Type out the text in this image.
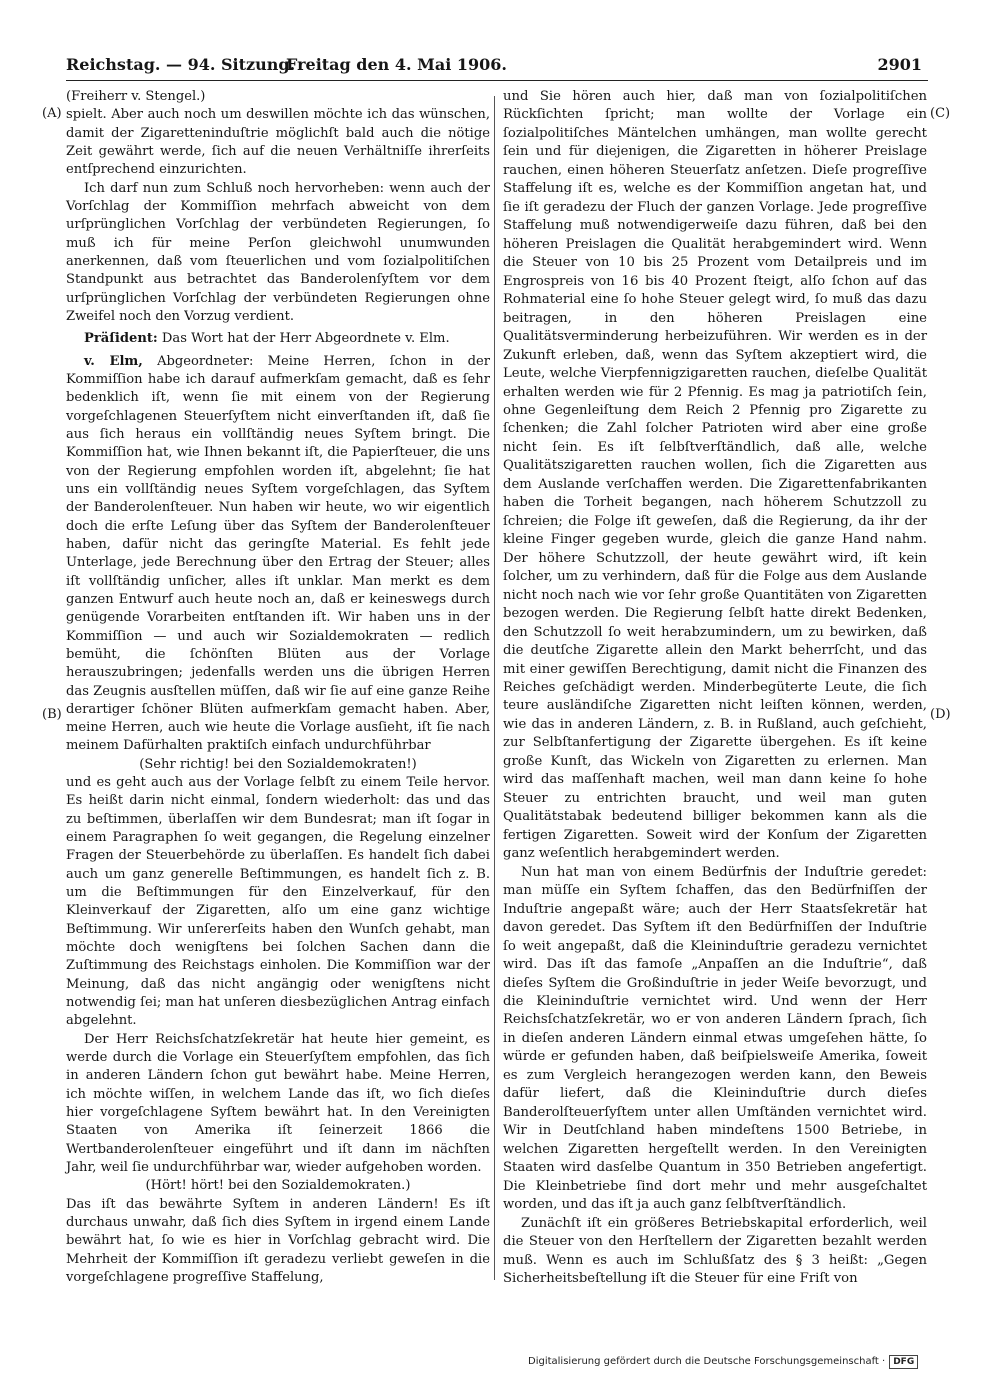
Reichstag. — 94. Sitzung.
Freitag den 4. Mai 1906.	2901
(A)	(C)
(B)	(D)

(Freiherr v. Stengel.)

spielt. Aber auch noch um deswillen möchte ich das wünschen, damit der Zigaretteninduſtrie möglichſt bald auch die nötige Zeit gewährt werde, ſich auf die neuen Verhältniſſe ihrerſeits entſprechend einzurichten.

Ich darf nun zum Schluß noch hervorheben: wenn auch der Vorſchlag der Kommiſſion mehrfach abweicht von dem urſprünglichen Vorſchlag der verbündeten Regierungen, ſo muß ich für meine Perſon gleichwohl unumwunden anerkennen, daß vom ſteuerlichen und vom ſozialpolitiſchen Standpunkt aus betrachtet das Banderolenſyſtem vor dem urſprünglichen Vorſchlag der verbündeten Regierungen ohne Zweifel noch den Vorzug verdient.

Präſident: Das Wort hat der Herr Abgeordnete v. Elm.

v. Elm, Abgeordneter: Meine Herren, ſchon in der Kommiſſion habe ich darauf aufmerkſam gemacht, daß es ſehr bedenklich iſt, wenn ſie mit einem von der Regierung vorgeſchlagenen Steuerſyſtem nicht einverſtanden iſt, daß ſie aus ſich heraus ein vollſtändig neues Syſtem bringt. Die Kommiſſion hat, wie Ihnen bekannt iſt, die Papierſteuer, die uns von der Regierung empfohlen worden iſt, abgelehnt; ſie hat uns ein vollſtändig neues Syſtem vorgeſchlagen, das Syſtem der Banderolenſteuer. Nun haben wir heute, wo wir eigentlich doch die erſte Leſung über das Syſtem der Banderolenſteuer haben, dafür nicht das geringſte Material. Es fehlt jede Unterlage, jede Berechnung über den Ertrag der Steuer; alles iſt vollſtändig unſicher, alles iſt unklar. Man merkt es dem ganzen Entwurf auch heute noch an, daß er keineswegs durch genügende Vorarbeiten entſtanden iſt. Wir haben uns in der Kommiſſion — und auch wir Sozialdemokraten — redlich bemüht, die ſchönſten Blüten aus der Vorlage herauszubringen; jedenfalls werden uns die übrigen Herren das Zeugnis ausſtellen müſſen, daß wir ſie auf eine ganze Reihe derartiger ſchöner Blüten aufmerkſam gemacht haben. Aber, meine Herren, auch wie heute die Vorlage ausſieht, iſt ſie nach meinem Dafürhalten praktiſch einfach undurchführbar

(Sehr richtig! bei den Sozialdemokraten!)

und es geht auch aus der Vorlage ſelbſt zu einem Teile hervor. Es heißt darin nicht einmal, ſondern wiederholt: das und das zu beſtimmen, überlaſſen wir dem Bundesrat; man iſt ſogar in einem Paragraphen ſo weit gegangen, die Regelung einzelner Fragen der Steuerbehörde zu überlaſſen. Es handelt ſich dabei auch um ganz generelle Beſtimmungen, es handelt ſich z. B. um die Beſtimmungen für den Einzelverkauf, für den Kleinverkauf der Zigaretten, alſo um eine ganz wichtige Beſtimmung. Wir unſererſeits haben den Wunſch gehabt, man möchte doch wenigſtens bei ſolchen Sachen dann die Zuſtimmung des Reichstags einholen. Die Kommiſſion war der Meinung, daß das nicht angängig oder wenigſtens nicht notwendig ſei; man hat unſeren diesbezüglichen Antrag einfach abgelehnt.

Der Herr Reichsſchatzſekretär hat heute hier gemeint, es werde durch die Vorlage ein Steuerſyſtem empfohlen, das ſich in anderen Ländern ſchon gut bewährt habe. Meine Herren, ich möchte wiſſen, in welchem Lande das iſt, wo ſich dieſes hier vorgeſchlagene Syſtem bewährt hat. In den Vereinigten Staaten von Amerika iſt ſeinerzeit 1866 die Wertbanderolenſteuer eingeführt und iſt dann im nächſten Jahr, weil ſie undurchführbar war, wieder aufgehoben worden.

(Hört! hört! bei den Sozialdemokraten.)

Das iſt das bewährte Syſtem in anderen Ländern! Es iſt durchaus unwahr, daß ſich dies Syſtem in irgend einem Lande bewährt hat, ſo wie es hier in Vorſchlag gebracht wird. Die Mehrheit der Kommiſſion iſt geradezu verliebt geweſen in die vorgeſchlagene progreſſive Staffelung,

und Sie hören auch hier, daß man von ſozialpolitiſchen Rückſichten ſpricht; man wollte der Vorlage ein ſozialpolitiſches Mäntelchen umhängen, man wollte gerecht ſein und für diejenigen, die Zigaretten in höherer Preislage rauchen, einen höheren Steuerſatz anſetzen. Dieſe progreſſive Staffelung iſt es, welche es der Kommiſſion angetan hat, und ſie iſt geradezu der Fluch der ganzen Vorlage. Jede progreſſive Staffelung muß notwendigerweiſe dazu führen, daß bei den höheren Preislagen die Qualität herabgemindert wird. Wenn die Steuer von 10 bis 25 Prozent vom Detailpreis und im Engrospreis von 16 bis 40 Prozent ſteigt, alſo ſchon auf das Rohmaterial eine ſo hohe Steuer gelegt wird, ſo muß das dazu beitragen, in den höheren Preislagen eine Qualitätsverminderung herbeizuführen. Wir werden es in der Zukunft erleben, daß, wenn das Syſtem akzeptiert wird, die Leute, welche Vierpfennigzigaretten rauchen, dieſelbe Qualität erhalten werden wie für 2 Pfennig. Es mag ja patriotiſch ſein, ohne Gegenleiſtung dem Reich 2 Pfennig pro Zigarette zu ſchenken; die Zahl ſolcher Patrioten wird aber eine große nicht ſein. Es iſt ſelbſtverſtändlich, daß alle, welche Qualitätszigaretten rauchen wollen, ſich die Zigaretten aus dem Auslande verſchaffen werden. Die Zigarettenfabrikanten haben die Torheit begangen, nach höherem Schutzzoll zu ſchreien; die Folge iſt geweſen, daß die Regierung, da ihr der kleine Finger gegeben wurde, gleich die ganze Hand nahm. Der höhere Schutzzoll, der heute gewährt wird, iſt kein ſolcher, um zu verhindern, daß für die Folge aus dem Auslande nicht noch nach wie vor ſehr große Quantitäten von Zigaretten bezogen werden. Die Regierung ſelbſt hatte direkt Bedenken, den Schutzzoll ſo weit herabzumindern, um zu bewirken, daß die deutſche Zigarette allein den Markt beherrſcht, und das mit einer gewiſſen Berechtigung, damit nicht die Finanzen des Reiches geſchädigt werden. Minderbegüterte Leute, die ſich teure ausländiſche Zigaretten nicht leiſten können, werden, wie das in anderen Ländern, z. B. in Rußland, auch geſchieht, zur Selbſtanfertigung der Zigarette übergehen. Es iſt keine große Kunſt, das Wickeln von Zigaretten zu erlernen. Man wird das maſſenhaft machen, weil man dann keine ſo hohe Steuer zu entrichten braucht, und weil man guten Qualitätstabak bedeutend billiger bekommen kann als die fertigen Zigaretten. Soweit wird der Konſum der Zigaretten ganz weſentlich herabgemindert werden.

Nun hat man von einem Bedürfnis der Induſtrie geredet: man müſſe ein Syſtem ſchaffen, das den Bedürfniſſen der Induſtrie angepaßt wäre; auch der Herr Staatsſekretär hat davon geredet. Das Syſtem iſt den Bedürfniſſen der Induſtrie ſo weit angepaßt, daß die Kleininduſtrie geradezu vernichtet wird. Das iſt das famoſe „Anpaſſen an die Induſtrie“, daß dieſes Syſtem die Großinduſtrie in jeder Weiſe bevorzugt, und die Kleininduſtrie vernichtet wird. Und wenn der Herr Reichsſchatzſekretär, wo er von anderen Ländern ſprach, ſich in dieſen anderen Ländern einmal etwas umgeſehen hätte, ſo würde er gefunden haben, daß beiſpielsweiſe Amerika, ſoweit es zum Vergleich herangezogen werden kann, den Beweis dafür liefert, daß die Kleininduſtrie durch dieſes Banderolſteuerſyſtem unter allen Umſtänden vernichtet wird. Wir in Deutſchland haben mindeſtens 1500 Betriebe, in welchen Zigaretten hergeſtellt werden. In den Vereinigten Staaten wird dasſelbe Quantum in 350 Betrieben angefertigt. Die Kleinbetriebe ſind dort mehr und mehr ausgeſchaltet worden, und das iſt ja auch ganz ſelbſtverſtändlich.

Zunächſt iſt ein größeres Betriebskapital erforderlich, weil die Steuer von den Herſtellern der Zigaretten bezahlt werden muß. Wenn es auch im Schlußſatz des § 3 heißt: „Gegen Sicherheitsbeſtellung iſt die Steuer für eine Friſt von

Digitalisierung gefördert durch die Deutsche Forschungsgemeinschaft · DFG
